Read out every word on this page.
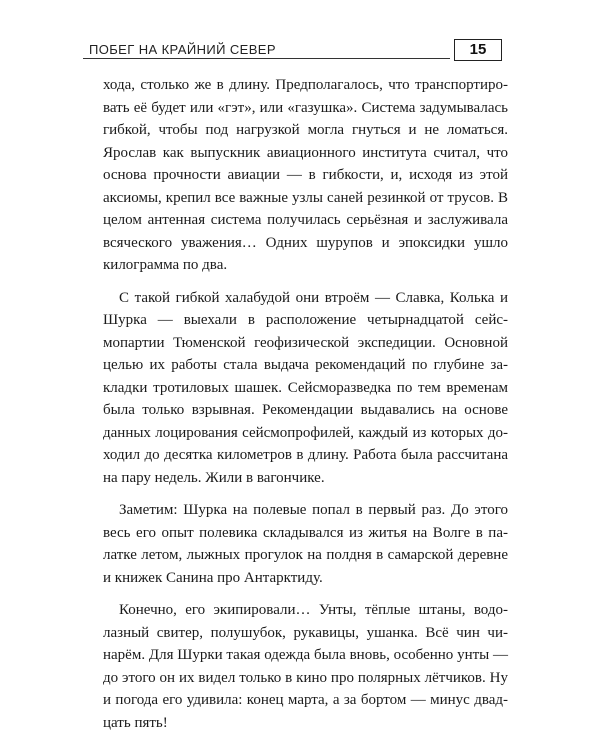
ПОБЕГ НА КРАЙНИЙ СЕВЕР	15

хода, столько же в длину. Предполагалось, что транспортировать её будет или «гэт», или «газушка». Система задумывалась гибкой, чтобы под нагрузкой могла гнуться и не ломаться. Ярослав как выпускник авиационного института считал, что основа прочности авиации — в гибкости, и, исходя из этой аксиомы, крепил все важные узлы саней резинкой от трусов. В целом антенная система получилась серьёзная и заслуживала всяческого уважения… Одних шурупов и эпоксидки ушло килограмма по два.

С такой гибкой халабудой они втроём — Славка, Колька и Шурка — выехали в расположение четырнадцатой сейсмопартии Тюменской геофизической экспедиции. Основной целью их работы стала выдача рекомендаций по глубине закладки тротиловых шашек. Сейсморазведка по тем временам была только взрывная. Рекомендации выдавались на основе данных лоцирования сейсмопрофилей, каждый из которых доходил до десятка километров в длину. Работа была рассчитана на пару недель. Жили в вагончике.

Заметим: Шурка на полевые попал в первый раз. До этого весь его опыт полевика складывался из житья на Волге в палатке летом, лыжных прогулок на полдня в самарской деревне и книжек Санина про Антарктиду.

Конечно, его экипировали… Унты, тёплые штаны, водолазный свитер, полушубок, рукавицы, ушанка. Всё чин чинарём. Для Шурки такая одежда была вновь, особенно унты — до этого он их видел только в кино про полярных лётчиков. Ну и погода его удивила: конец марта, а за бортом — минус двадцать пять!
